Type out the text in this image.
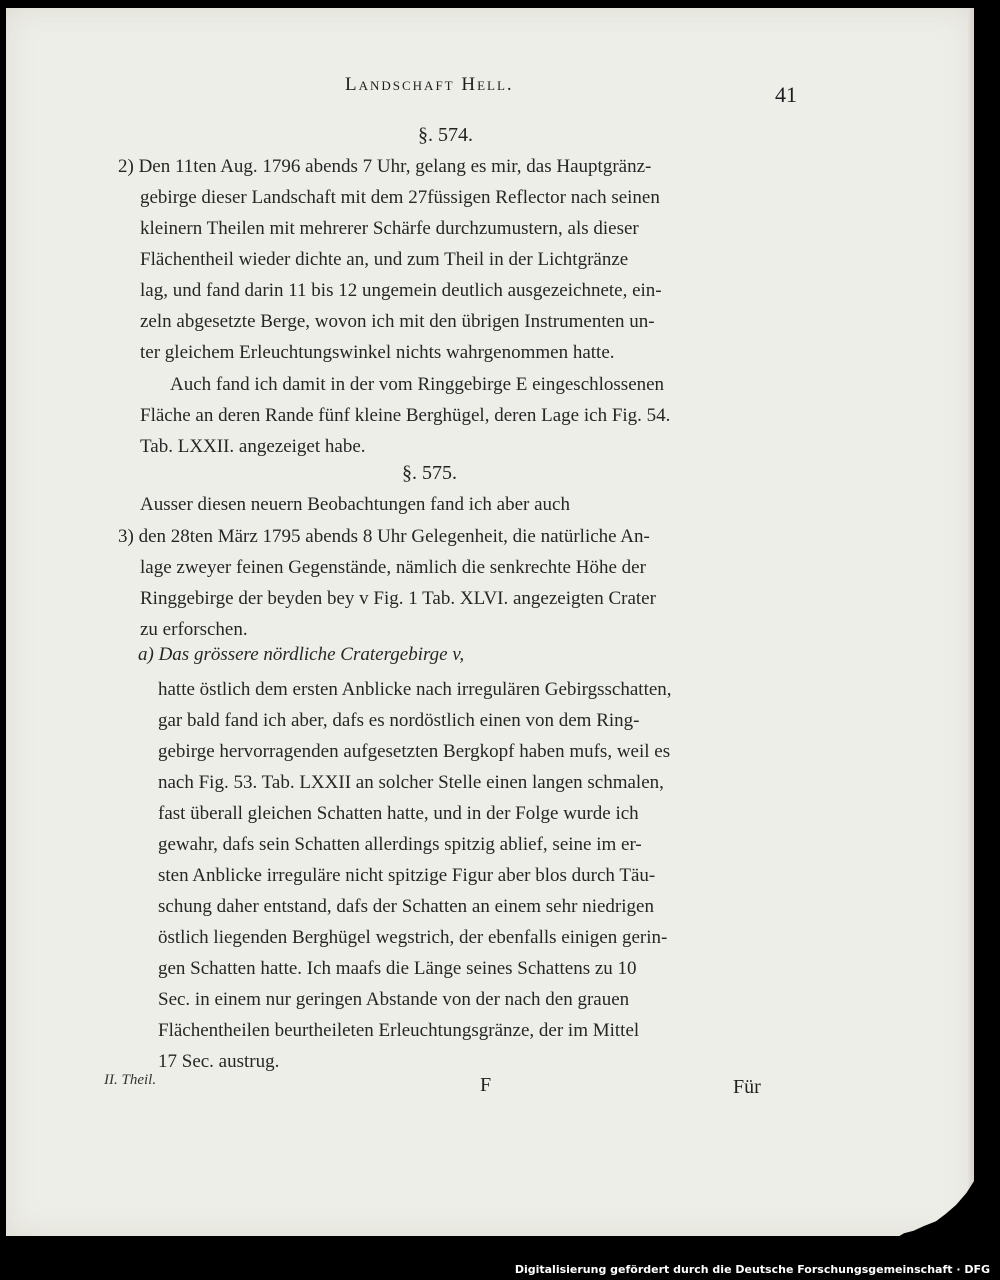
Landschaft Hell.	41
§. 574.
2) Den 11ten Aug. 1796 abends 7 Uhr, gelang es mir, das Hauptgränz-
gebirge dieser Landschaft mit dem 27füssigen Reflector nach seinen
kleinern Theilen mit mehrerer Schärfe durchzumustern, als dieser
Flächentheil wieder dichte an, und zum Theil in der Lichtgränze
lag, und fand darin 11 bis 12 ungemein deutlich ausgezeichnete, ein-
zeln abgesetzte Berge, wovon ich mit den übrigen Instrumenten un-
ter gleichem Erleuchtungswinkel nichts wahrgenommen hatte.
Auch fand ich damit in der vom Ringgebirge E eingeschlossenen
Fläche an deren Rande fünf kleine Berghügel, deren Lage ich Fig. 54.
Tab. LXXII. angezeiget habe.
§. 575.
Ausser diesen neuern Beobachtungen fand ich aber auch
3) den 28ten März 1795 abends 8 Uhr Gelegenheit, die natürliche An-
lage zweyer feinen Gegenstände, nämlich die senkrechte Höhe der
Ringgebirge der beyden bey v Fig. 1 Tab. XLVI. angezeigten Crater
zu erforschen.
a) Das grössere nördliche Cratergebirge v,
hatte östlich dem ersten Anblicke nach irregulären Gebirgsschatten,
gar bald fand ich aber, dafs es nordöstlich einen von dem Ring-
gebirge hervorragenden aufgesetzten Bergkopf haben mufs, weil es
nach Fig. 53. Tab. LXXII an solcher Stelle einen langen schmalen,
fast überall gleichen Schatten hatte, und in der Folge wurde ich
gewahr, dafs sein Schatten allerdings spitzig ablief, seine im er-
sten Anblicke irreguläre nicht spitzige Figur aber blos durch Täu-
schung daher entstand, dafs der Schatten an einem sehr niedrigen
östlich liegenden Berghügel wegstrich, der ebenfalls einigen gerin-
gen Schatten hatte. Ich maafs die Länge seines Schattens zu 10
Sec. in einem nur geringen Abstande von der nach den grauen
Flächentheilen beurtheileten Erleuchtungsgränze, der im Mittel
17 Sec. austrug.
II. Theil.	F	Für
Digitalisierung gefördert durch die Deutsche Forschungsgemeinschaft · DFG
